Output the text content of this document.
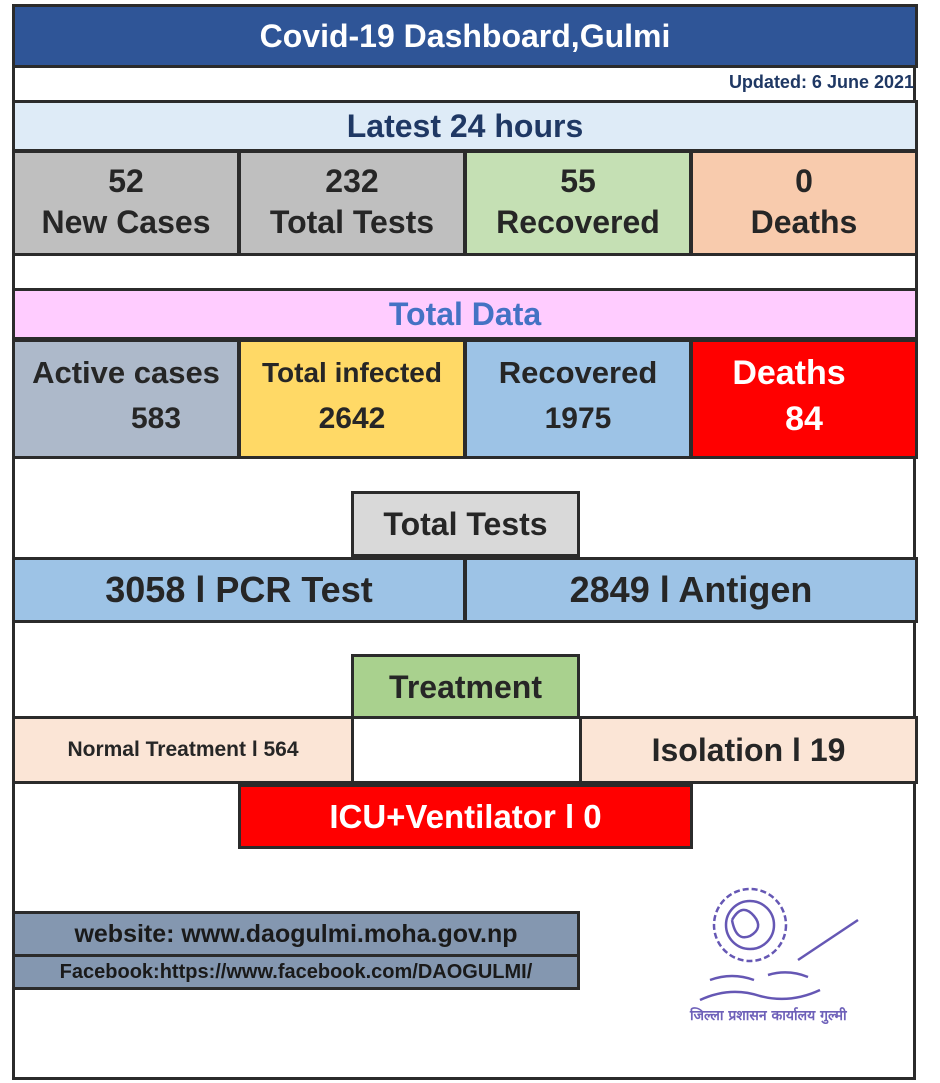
Covid-19 Dashboard,Gulmi
Updated: 6 June 2021
Latest 24 hours
52
New Cases
232
Total Tests
55
Recovered
0
Deaths
Total Data
Active cases
583
Total infected
2642
Recovered
1975
Deaths
84
Total Tests
3058 l PCR Test	2849 l Antigen
Treatment
Normal Treatment l 564	Isolation l 19
ICU+Ventilator l 0
website: www.daogulmi.moha.gov.np
Facebook:https://www.facebook.com/DAOGULMI/
जिल्ला प्रशासन कार्यालय गुल्मी
